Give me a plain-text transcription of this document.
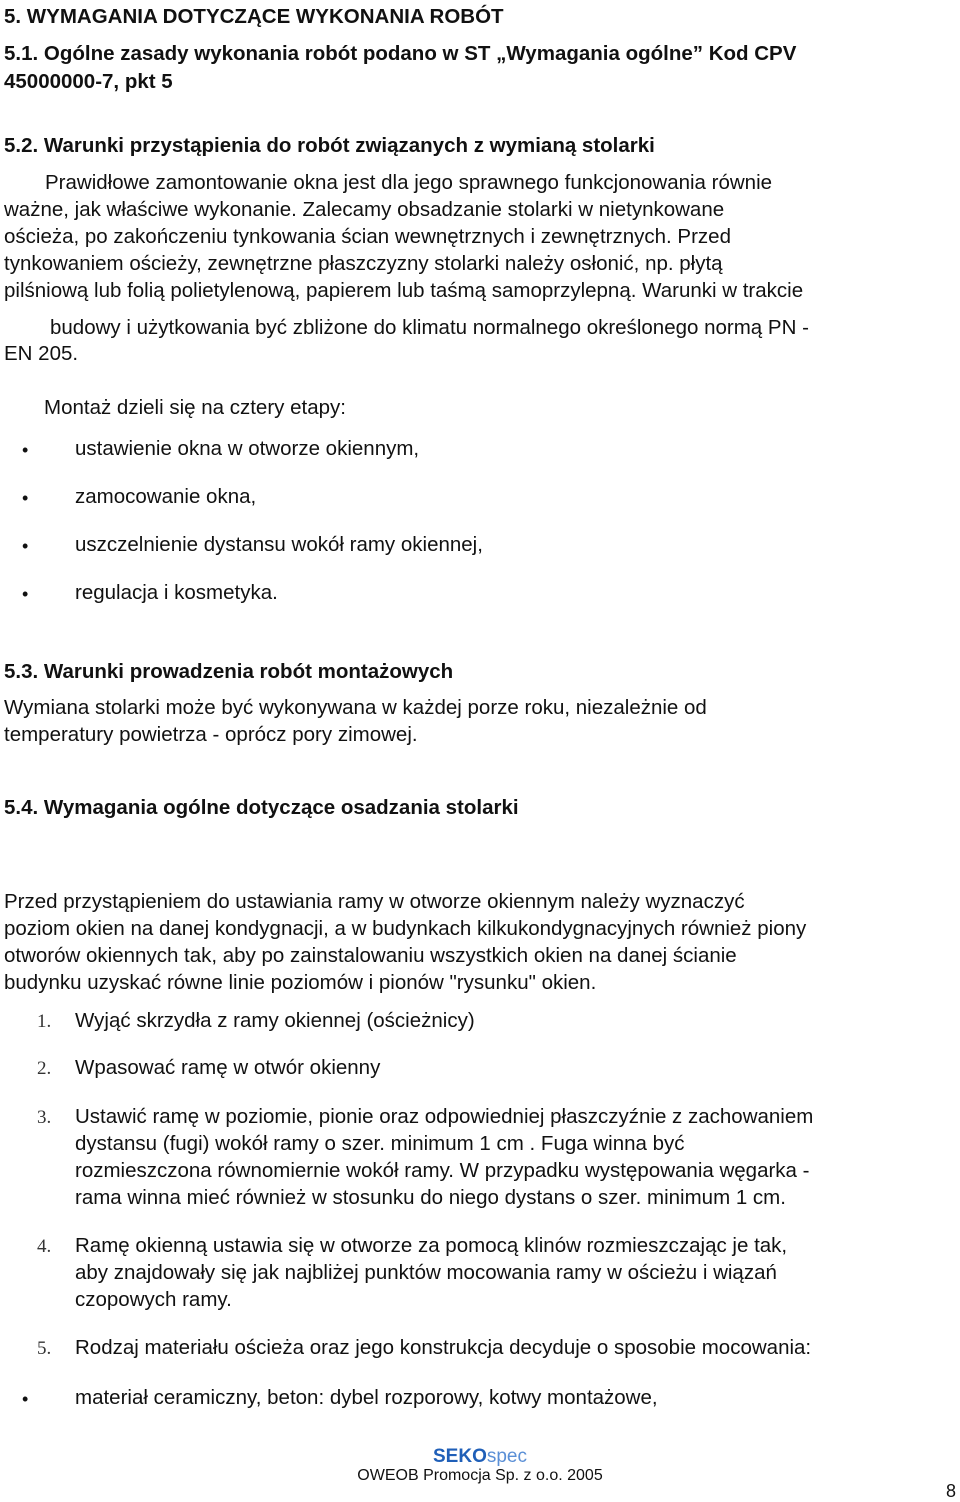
5. WYMAGANIA DOTYCZĄCE WYKONANIA ROBÓT
5.1. Ogólne zasady wykonania robót podano w ST „Wymagania ogólne” Kod CPV
45000000-7, pkt 5
5.2. Warunki przystąpienia do robót związanych z wymianą stolarki
Prawidłowe zamontowanie okna jest dla jego sprawnego funkcjonowania równie
ważne, jak właściwe wykonanie. Zalecamy obsadzanie stolarki w nietynkowane
ościeża, po zakończeniu tynkowania ścian wewnętrznych i zewnętrznych. Przed
tynkowaniem ościeży, zewnętrzne płaszczyzny stolarki należy osłonić, np. płytą
pilśniową lub folią polietylenową, papierem lub taśmą samoprzylepną. Warunki w trakcie
budowy i użytkowania być zbliżone do klimatu normalnego określonego normą PN -
EN 205.
Montaż dzieli się na cztery etapy:
• ustawienie okna w otworze okiennym,
• zamocowanie okna,
• uszczelnienie dystansu wokół ramy okiennej,
• regulacja i kosmetyka.
5.3. Warunki prowadzenia robót montażowych
Wymiana stolarki może być wykonywana w każdej porze roku, niezależnie od
temperatury powietrza - oprócz pory zimowej.
5.4. Wymagania ogólne dotyczące osadzania stolarki
Przed przystąpieniem do ustawiania ramy w otworze okiennym należy wyznaczyć
poziom okien na danej kondygnacji, a w budynkach kilkukondygnacyjnych również piony
otworów okiennych tak, aby po zainstalowaniu wszystkich okien na danej ścianie
budynku uzyskać równe linie poziomów i pionów "rysunku" okien.
1. Wyjąć skrzydła z ramy okiennej (ościeżnicy)
2. Wpasować ramę w otwór okienny
3. Ustawić ramę w poziomie, pionie oraz odpowiedniej płaszczyźnie z zachowaniem
dystansu (fugi) wokół ramy o szer. minimum 1 cm . Fuga winna być
rozmieszczona równomiernie wokół ramy. W przypadku występowania węgarka -
rama winna mieć również w stosunku do niego dystans o szer. minimum 1 cm.
4. Ramę okienną ustawia się w otworze za pomocą klinów rozmieszczając je tak,
aby znajdowały się jak najbliżej punktów mocowania ramy w ościeżu i wiązań
czopowych ramy.
5. Rodzaj materiału ościeża oraz jego konstrukcja decyduje o sposobie mocowania:
• materiał ceramiczny, beton: dybel rozporowy, kotwy montażowe,
SEKOspec
OWEOB Promocja Sp. z o.o. 2005
8
